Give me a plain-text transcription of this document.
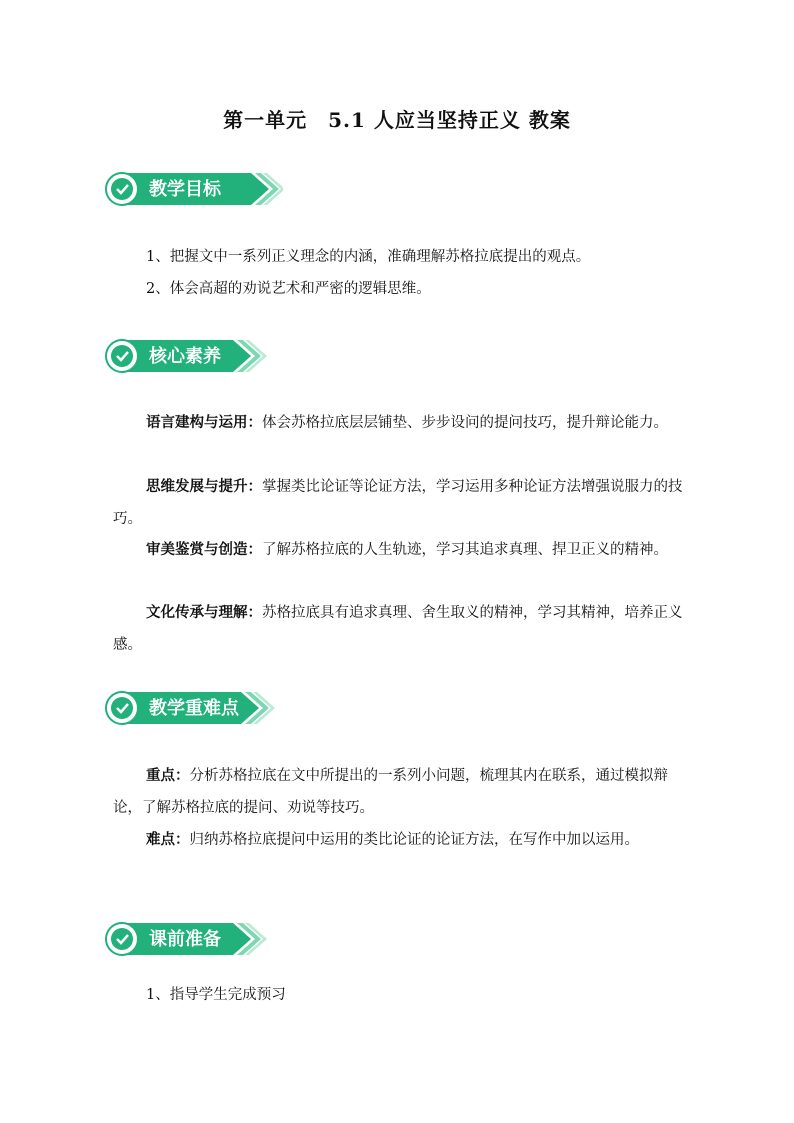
第一单元　5.1 人应当坚持正义 教案
教学目标
1、把握文中一系列正义理念的内涵，准确理解苏格拉底提出的观点。
2、体会高超的劝说艺术和严密的逻辑思维。
核心素养
语言建构与运用：体会苏格拉底层层铺垫、步步设问的提问技巧，提升辩论能力。
思维发展与提升：掌握类比论证等论证方法，学习运用多种论证方法增强说服力的技巧。
审美鉴赏与创造：了解苏格拉底的人生轨迹，学习其追求真理、捍卫正义的精神。
文化传承与理解：苏格拉底具有追求真理、舍生取义的精神，学习其精神，培养正义感。
教学重难点
重点：分析苏格拉底在文中所提出的一系列小问题，梳理其内在联系，通过模拟辩论，了解苏格拉底的提问、劝说等技巧。
难点：归纳苏格拉底提问中运用的类比论证的论证方法，在写作中加以运用。
课前准备
1、指导学生完成预习
